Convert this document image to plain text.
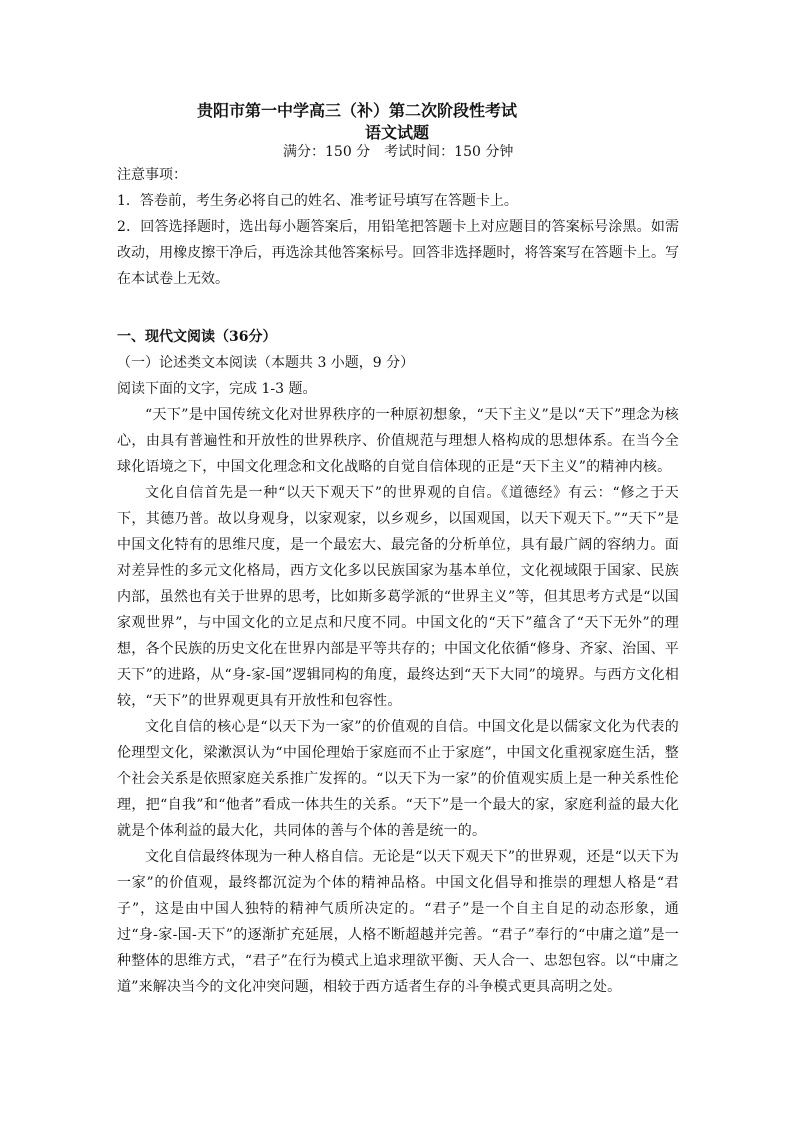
贵阳市第一中学高三（补）第二次阶段性考试
语文试题
满分：150 分 考试时间：150 分钟

注意事项：

1．答卷前，考生务必将自己的姓名、准考证号填写在答题卡上。

2．回答选择题时，选出每小题答案后，用铅笔把答题卡上对应题目的答案标号涂黑。如需改动，用橡皮擦干净后，再选涂其他答案标号。回答非选择题时，将答案写在答题卡上。写在本试卷上无效。

一、现代文阅读（36分）

（一）论述类文本阅读（本题共 3 小题，9 分）

阅读下面的文字，完成 1-3 题。

“天下”是中国传统文化对世界秩序的一种原初想象，“天下主义”是以“天下”理念为核心，由具有普遍性和开放性的世界秩序、价值规范与理想人格构成的思想体系。在当今全球化语境之下，中国文化理念和文化战略的自觉自信体现的正是“天下主义”的精神内核。

文化自信首先是一种“以天下观天下”的世界观的自信。《道德经》有云：“修之于天下，其德乃普。故以身观身，以家观家，以乡观乡，以国观国，以天下观天下。”“天下”是中国文化特有的思维尺度，是一个最宏大、最完备的分析单位，具有最广阔的容纳力。面对差异性的多元文化格局，西方文化多以民族国家为基本单位，文化视域限于国家、民族内部，虽然也有关于世界的思考，比如斯多葛学派的“世界主义”等，但其思考方式是“以国家观世界”，与中国文化的立足点和尺度不同。中国文化的“天下”蕴含了“天下无外”的理想，各个民族的历史文化在世界内部是平等共存的；中国文化依循“修身、齐家、治国、平天下”的进路，从“身-家-国”逻辑同构的角度，最终达到“天下大同”的境界。与西方文化相较，“天下”的世界观更具有开放性和包容性。

文化自信的核心是“以天下为一家”的价值观的自信。中国文化是以儒家文化为代表的伦理型文化，梁漱溟认为“中国伦理始于家庭而不止于家庭”，中国文化重视家庭生活，整个社会关系是依照家庭关系推广发挥的。“以天下为一家”的价值观实质上是一种关系性伦理，把“自我”和“他者”看成一体共生的关系。“天下”是一个最大的家，家庭利益的最大化就是个体利益的最大化，共同体的善与个体的善是统一的。

文化自信最终体现为一种人格自信。无论是“以天下观天下”的世界观，还是“以天下为一家”的价值观，最终都沉淀为个体的精神品格。中国文化倡导和推崇的理想人格是“君子”，这是由中国人独特的精神气质所决定的。“君子”是一个自主自足的动态形象，通过“身-家-国-天下”的逐渐扩充延展，人格不断超越并完善。“君子”奉行的“中庸之道”是一种整体的思维方式，“君子”在行为模式上追求理欲平衡、天人合一、忠恕包容。以“中庸之道”来解决当今的文化冲突问题，相较于西方适者生存的斗争模式更具高明之处。
